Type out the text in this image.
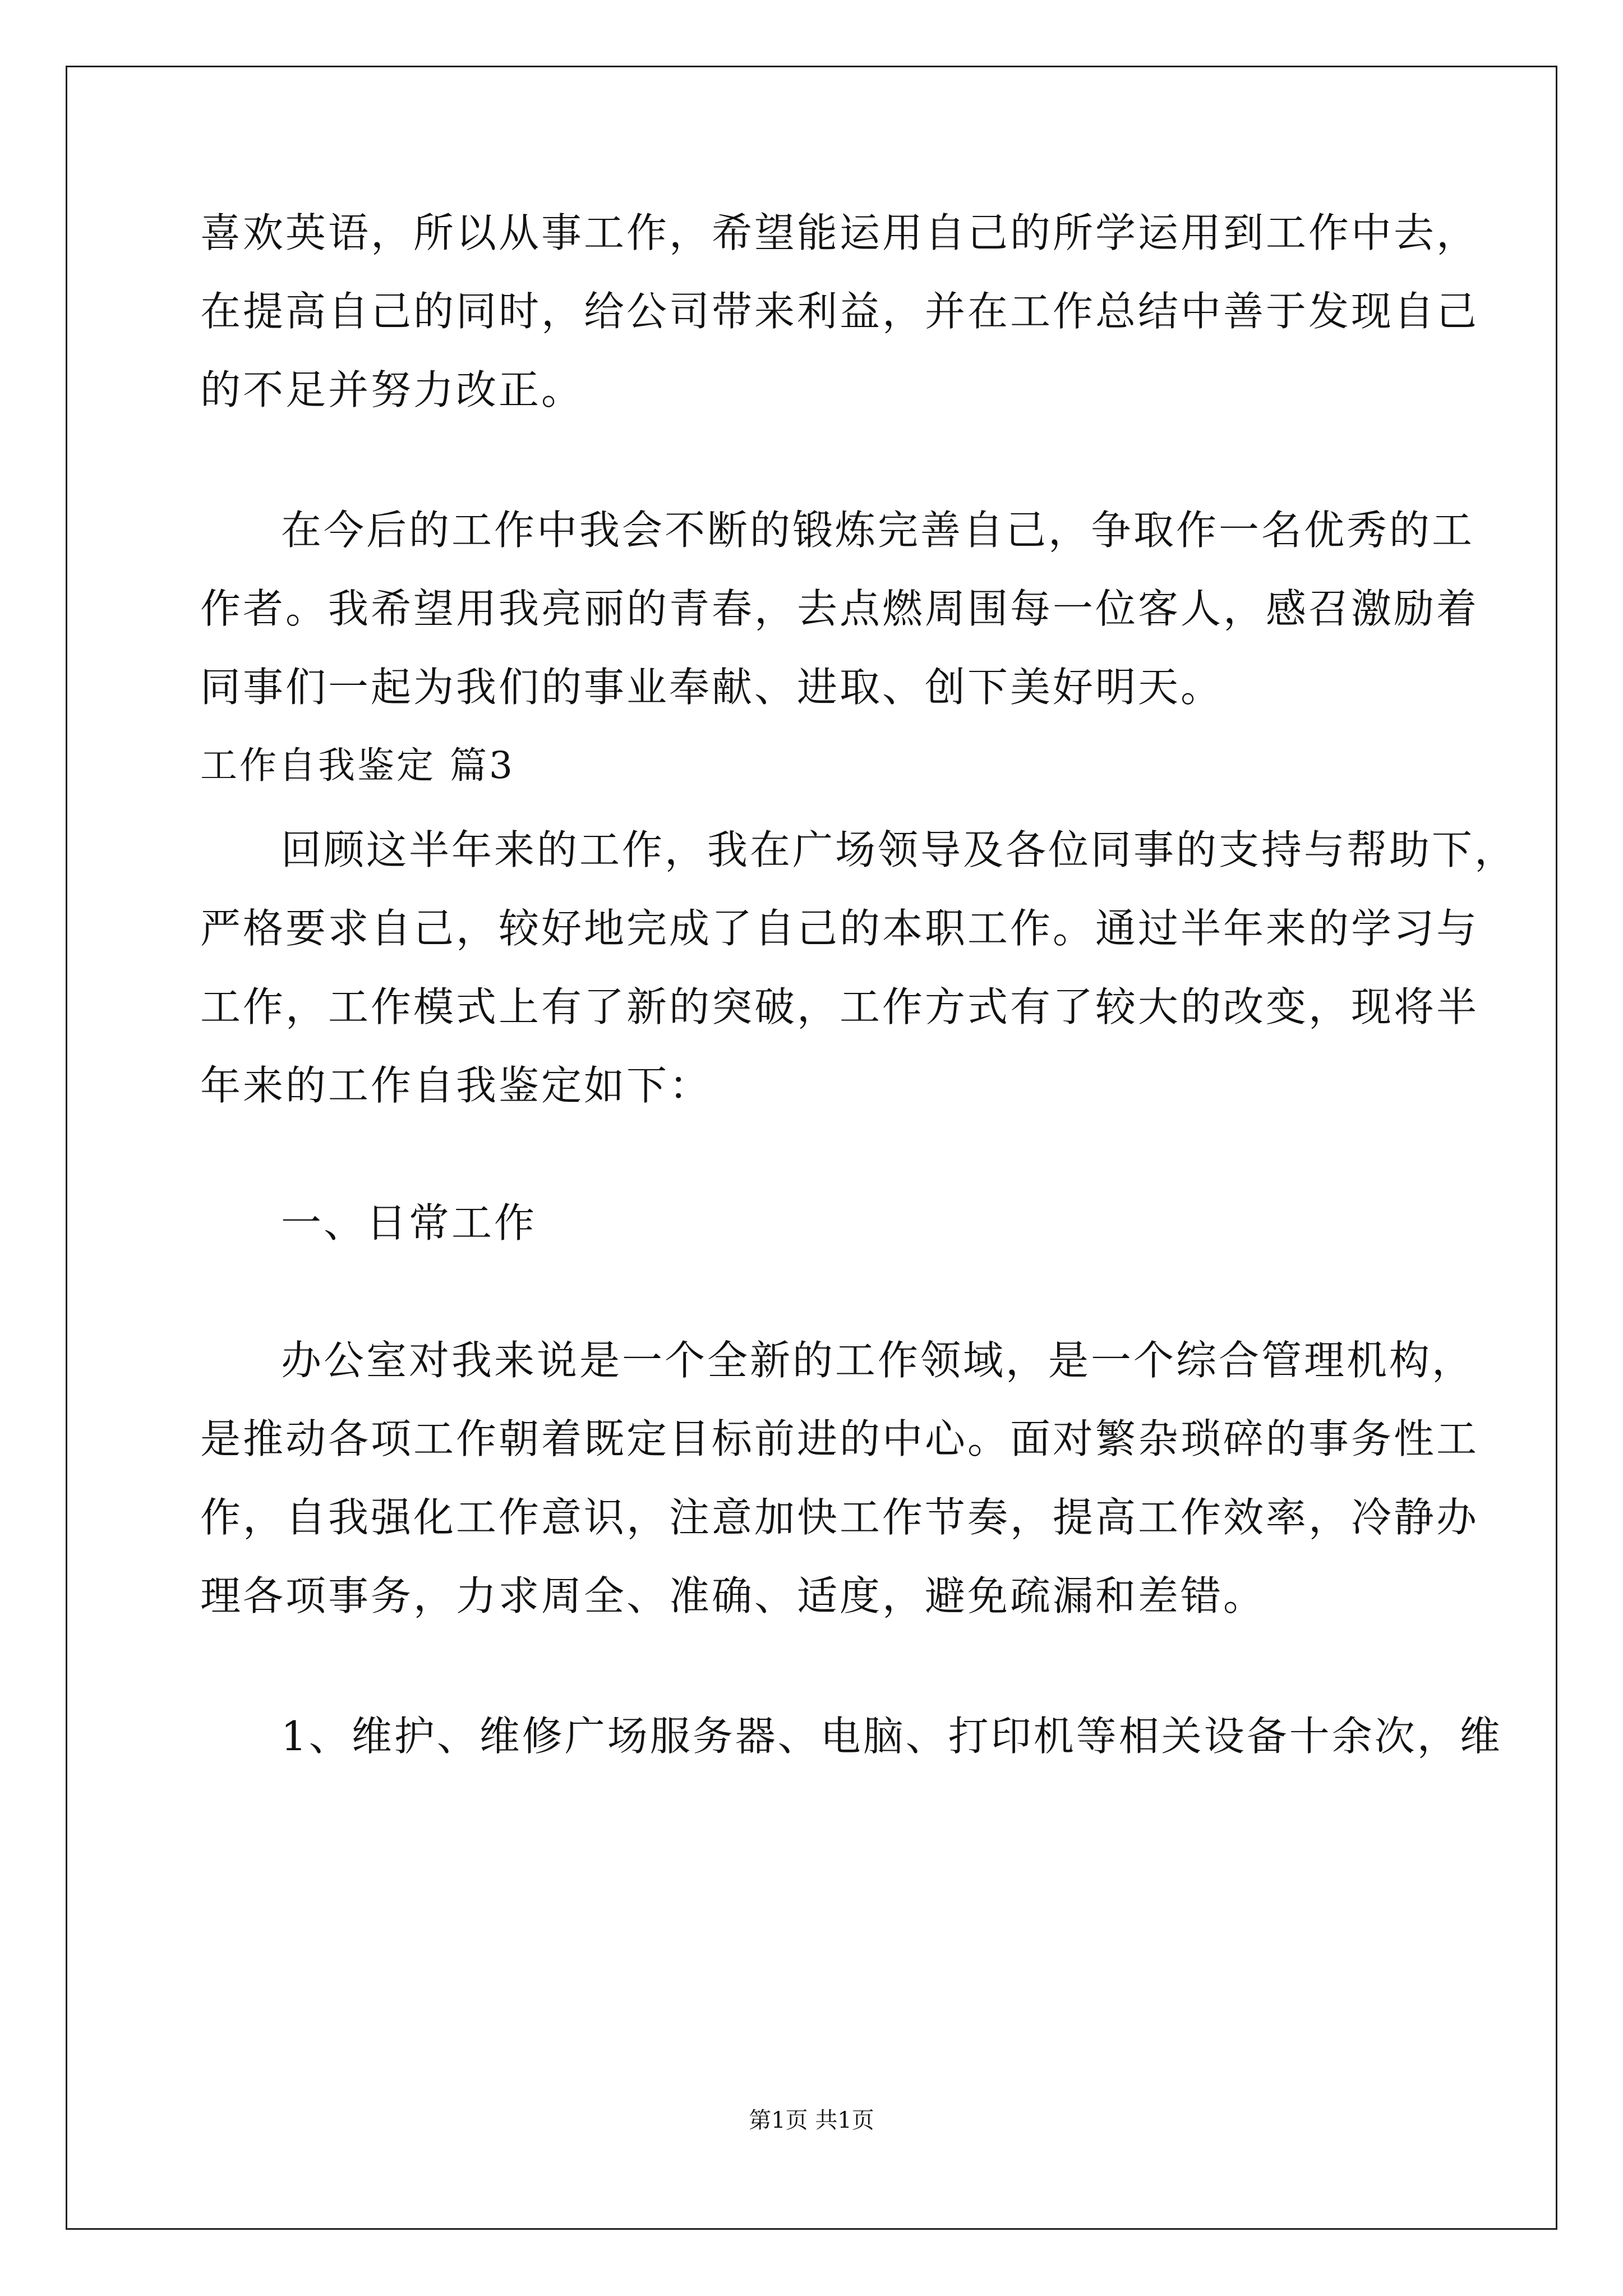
喜欢英语，所以从事工作，希望能运用自己的所学运用到工作中去，
在提高自己的同时，给公司带来利益，并在工作总结中善于发现自己
的不足并努力改正。
在今后的工作中我会不断的锻炼完善自己，争取作一名优秀的工
作者。我希望用我亮丽的青春，去点燃周围每一位客人，感召激励着
同事们一起为我们的事业奉献、进取、创下美好明天。
工作自我鉴定 篇3
回顾这半年来的工作，我在广场领导及各位同事的支持与帮助下，
严格要求自己，较好地完成了自己的本职工作。通过半年来的学习与
工作，工作模式上有了新的突破，工作方式有了较大的改变，现将半
年来的工作自我鉴定如下：
一、日常工作
办公室对我来说是一个全新的工作领域，是一个综合管理机构，
是推动各项工作朝着既定目标前进的中心。面对繁杂琐碎的事务性工
作，自我强化工作意识，注意加快工作节奏，提高工作效率，冷静办
理各项事务，力求周全、准确、适度，避免疏漏和差错。
1、维护、维修广场服务器、电脑、打印机等相关设备十余次，维
第1页 共1页
